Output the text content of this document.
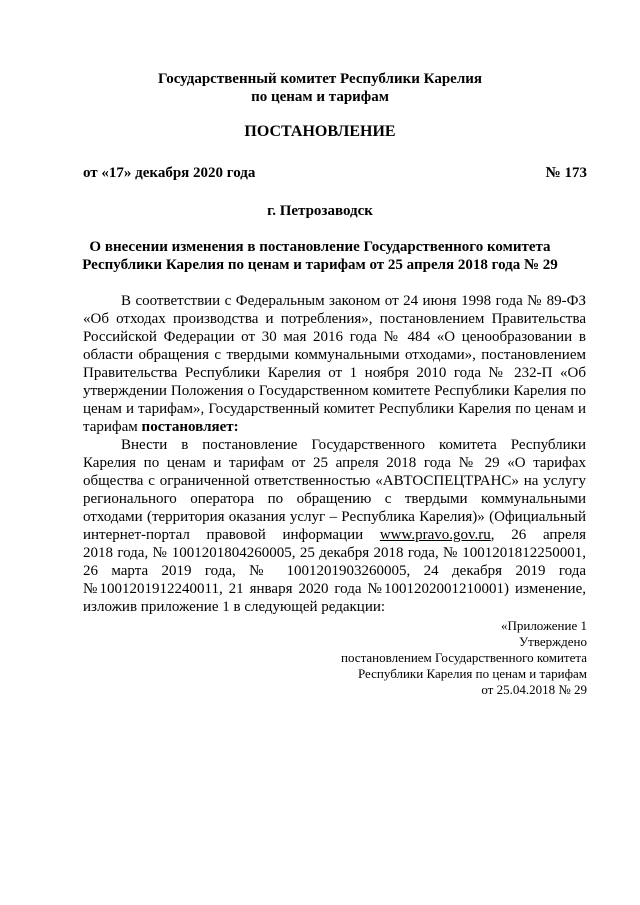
Государственный комитет Республики Карелия
по ценам и тарифам
ПОСТАНОВЛЕНИЕ
от «17» декабря 2020 года	№ 173
г. Петрозаводск
О внесении изменения в постановление Государственного комитета
Республики Карелия по ценам и тарифам от 25 апреля 2018 года № 29
В соответствии с Федеральным законом от 24 июня 1998 года № 89-ФЗ
«Об отходах производства и потребления», постановлением Правительства
Российской Федерации от 30 мая 2016 года № 484 «О ценообразовании в
области обращения с твердыми коммунальными отходами», постановлением
Правительства Республики Карелия от 1 ноября 2010 года № 232-П «Об
утверждении Положения о Государственном комитете Республики Карелия по
ценам и тарифам», Государственный комитет Республики Карелия по ценам и
тарифам постановляет:
Внести в постановление Государственного комитета Республики
Карелия по ценам и тарифам от 25 апреля 2018 года № 29 «О тарифах
общества с ограниченной ответственностью «АВТОСПЕЦТРАНС» на услугу
регионального оператора по обращению с твердыми коммунальными
отходами (территория оказания услуг – Республика Карелия)» (Официальный
интернет-портал правовой информации www.pravo.gov.ru, 26 апреля
2018 года, № 1001201804260005, 25 декабря 2018 года, № 1001201812250001,
26 марта 2019 года, № 1001201903260005, 24 декабря 2019 года
№1001201912240011, 21 января 2020 года №1001202001210001) изменение,
изложив приложение 1 в следующей редакции:
«Приложение 1
Утверждено
постановлением Государственного комитета
Республики Карелия по ценам и тарифам
от 25.04.2018 № 29
